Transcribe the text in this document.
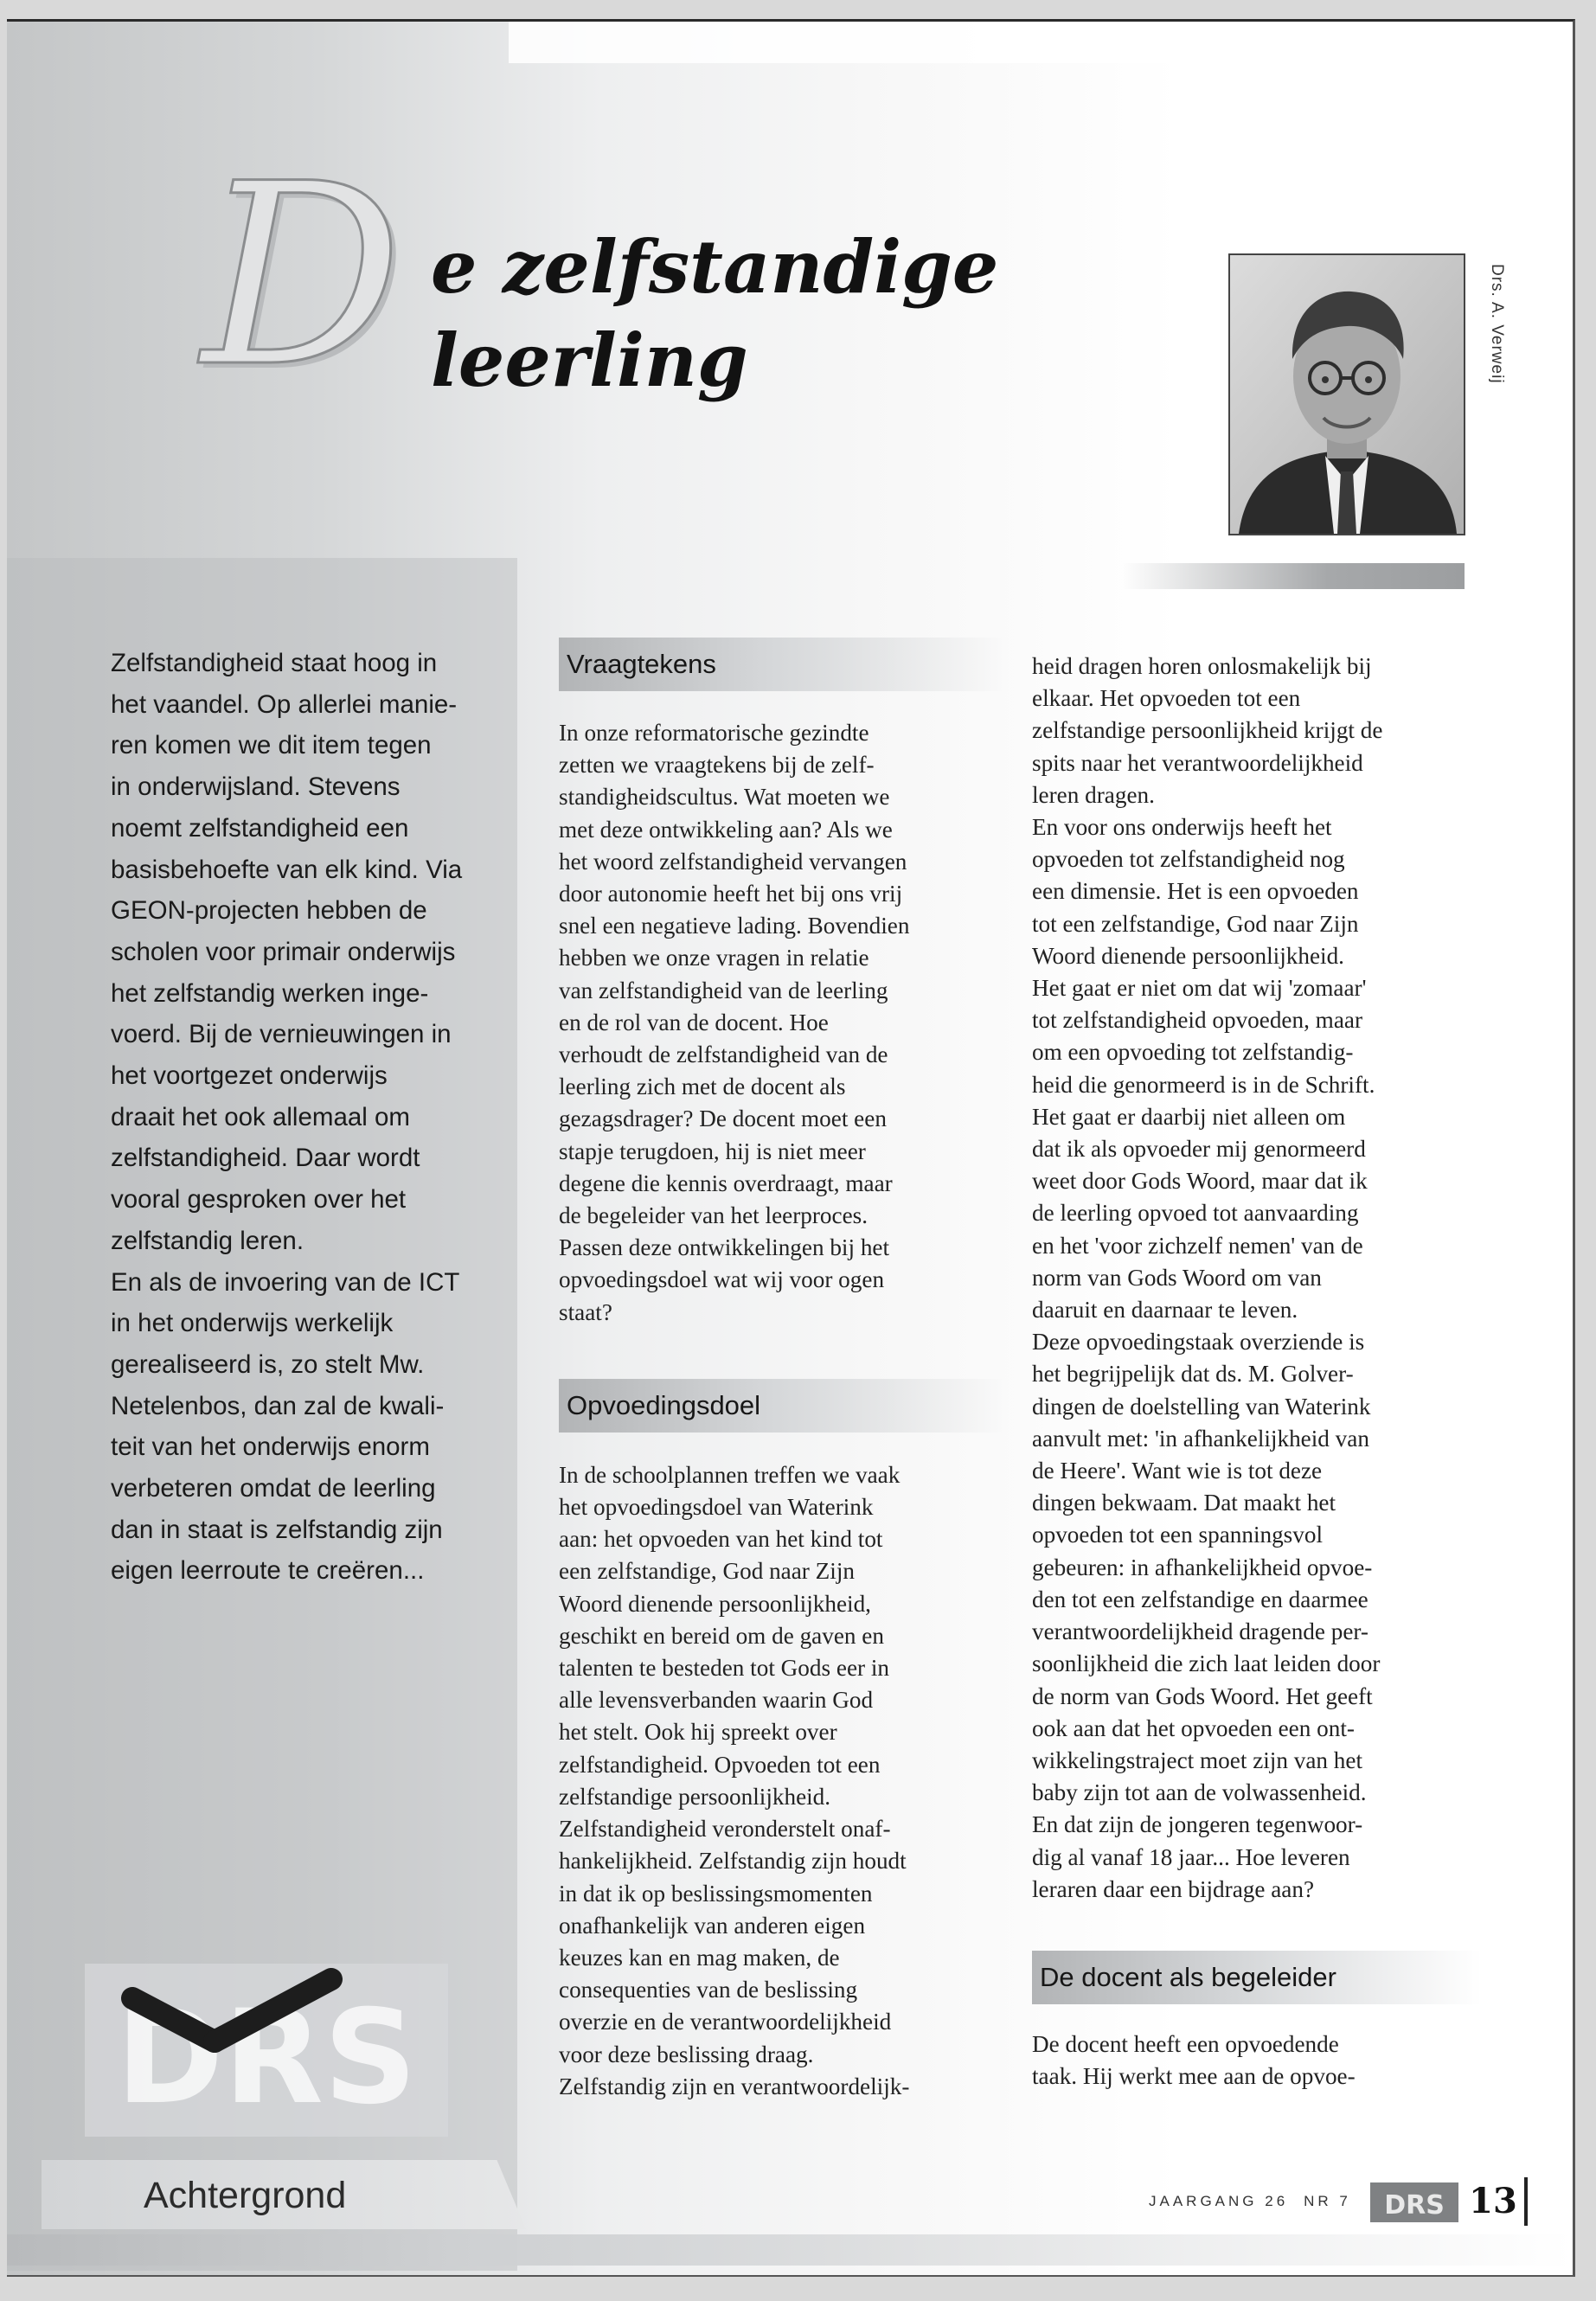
D e zelfstandige
leerling	Drs. A. Verweij

Zelfstandigheid staat hoog in
het vaandel. Op allerlei manie-
ren komen we dit item tegen
in onderwijsland. Stevens
noemt zelfstandigheid een
basisbehoefte van elk kind. Via
GEON-projecten hebben de
scholen voor primair onderwijs
het zelfstandig werken inge-
voerd. Bij de vernieuwingen in
het voortgezet onderwijs
draait het ook allemaal om
zelfstandigheid. Daar wordt
vooral gesproken over het
zelfstandig leren.
En als de invoering van de ICT
in het onderwijs werkelijk
gerealiseerd is, zo stelt Mw.
Netelenbos, dan zal de kwali-
teit van het onderwijs enorm
verbeteren omdat de leerling
dan in staat is zelfstandig zijn
eigen leerroute te creëren...

Vraagtekens

In onze reformatorische gezindte
zetten we vraagtekens bij de zelf-
standigheidscultus. Wat moeten we
met deze ontwikkeling aan? Als we
het woord zelfstandigheid vervangen
door autonomie heeft het bij ons vrij
snel een negatieve lading. Bovendien
hebben we onze vragen in relatie
van zelfstandigheid van de leerling
en de rol van de docent. Hoe
verhoudt de zelfstandigheid van de
leerling zich met de docent als
gezagsdrager? De docent moet een
stapje terugdoen, hij is niet meer
degene die kennis overdraagt, maar
de begeleider van het leerproces.
Passen deze ontwikkelingen bij het
opvoedingsdoel wat wij voor ogen
staat?

Opvoedingsdoel

In de schoolplannen treffen we vaak
het opvoedingsdoel van Waterink
aan: het opvoeden van het kind tot
een zelfstandige, God naar Zijn
Woord dienende persoonlijkheid,
geschikt en bereid om de gaven en
talenten te besteden tot Gods eer in
alle levensverbanden waarin God
het stelt. Ook hij spreekt over
zelfstandigheid. Opvoeden tot een
zelfstandige persoonlijkheid.
Zelfstandigheid veronderstelt onaf-
hankelijkheid. Zelfstandig zijn houdt
in dat ik op beslissingsmomenten
onafhankelijk van anderen eigen
keuzes kan en mag maken, de
consequenties van de beslissing
overzie en de verantwoordelijkheid
voor deze beslissing draag.
Zelfstandig zijn en verantwoordelijk-

heid dragen horen onlosmakelijk bij
elkaar. Het opvoeden tot een
zelfstandige persoonlijkheid krijgt de
spits naar het verantwoordelijkheid
leren dragen.
En voor ons onderwijs heeft het
opvoeden tot zelfstandigheid nog
een dimensie. Het is een opvoeden
tot een zelfstandige, God naar Zijn
Woord dienende persoonlijkheid.
Het gaat er niet om dat wij 'zomaar'
tot zelfstandigheid opvoeden, maar
om een opvoeding tot zelfstandig-
heid die genormeerd is in de Schrift.
Het gaat er daarbij niet alleen om
dat ik als opvoeder mij genormeerd
weet door Gods Woord, maar dat ik
de leerling opvoed tot aanvaarding
en het 'voor zichzelf nemen' van de
norm van Gods Woord om van
daaruit en daarnaar te leven.
Deze opvoedingstaak overziende is
het begrijpelijk dat ds. M. Golver-
dingen de doelstelling van Waterink
aanvult met: 'in afhankelijkheid van
de Heere'. Want wie is tot deze
dingen bekwaam. Dat maakt het
opvoeden tot een spanningsvol
gebeuren: in afhankelijkheid opvoe-
den tot een zelfstandige en daarmee
verantwoordelijkheid dragende per-
soonlijkheid die zich laat leiden door
de norm van Gods Woord. Het geeft
ook aan dat het opvoeden een ont-
wikkelingstraject moet zijn van het
baby zijn tot aan de volwassenheid.
En dat zijn de jongeren tegenwoor-
dig al vanaf 18 jaar... Hoe leveren
leraren daar een bijdrage aan?

De docent als begeleider

De docent heeft een opvoedende
taak. Hij werkt mee aan de opvoe-

DRS

Achtergrond	JAARGANG 26 NR 7 DRS 13
